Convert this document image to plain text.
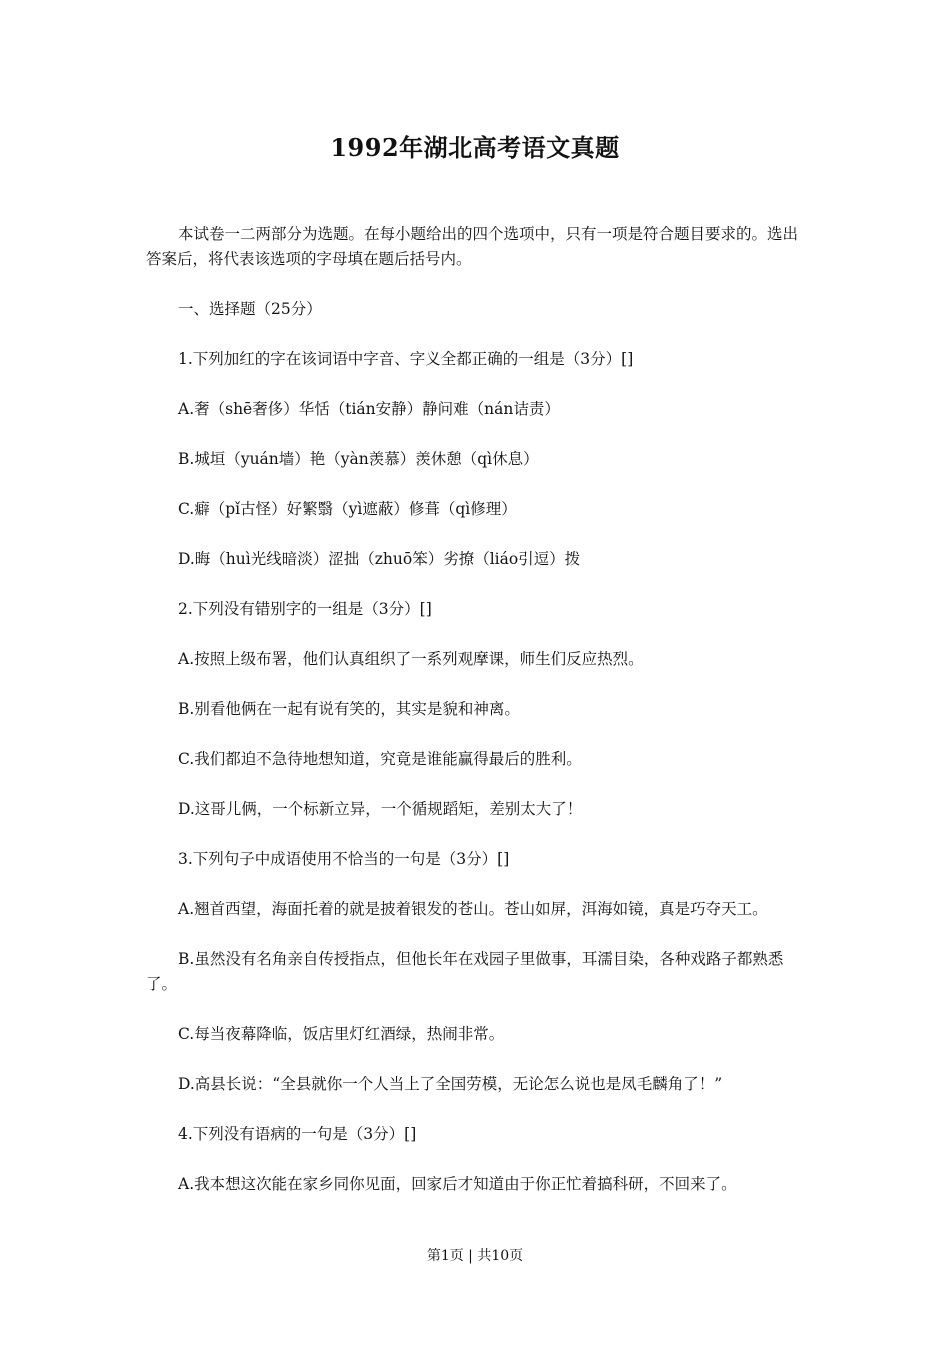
1992年湖北高考语文真题
本试卷一二两部分为选题。在每小题给出的四个选项中，只有一项是符合题目要求的。选出答案后，将代表该选项的字母填在题后括号内。
一、选择题（25分）
1.下列加红的字在该词语中字音、字义全都正确的一组是（3分）[]
A.奢（shē奢侈）华恬（tián安静）静问难（nán诘责）
B.城垣（yuán墙）艳（yàn羡慕）羡休憩（qì休息）
C.癖（pǐ古怪）好繁翳（yì遮蔽）修葺（qì修理）
D.晦（huì光线暗淡）涩拙（zhuō笨）劣撩（liáo引逗）拨
2.下列没有错别字的一组是（3分）[]
A.按照上级布署，他们认真组织了一系列观摩课，师生们反应热烈。
B.别看他俩在一起有说有笑的，其实是貌和神离。
C.我们都迫不急待地想知道，究竟是谁能赢得最后的胜利。
D.这哥儿俩，一个标新立异，一个循规蹈矩，差别太大了！
3.下列句子中成语使用不恰当的一句是（3分）[]
A.翘首西望，海面托着的就是披着银发的苍山。苍山如屏，洱海如镜，真是巧夺天工。
B.虽然没有名角亲自传授指点，但他长年在戏园子里做事，耳濡目染，各种戏路子都熟悉了。
C.每当夜幕降临，饭店里灯红酒绿，热闹非常。
D.高县长说：“全县就你一个人当上了全国劳模，无论怎么说也是凤毛麟角了！”
4.下列没有语病的一句是（3分）[]
A.我本想这次能在家乡同你见面，回家后才知道由于你正忙着搞科研，不回来了。
第1页 | 共10页
